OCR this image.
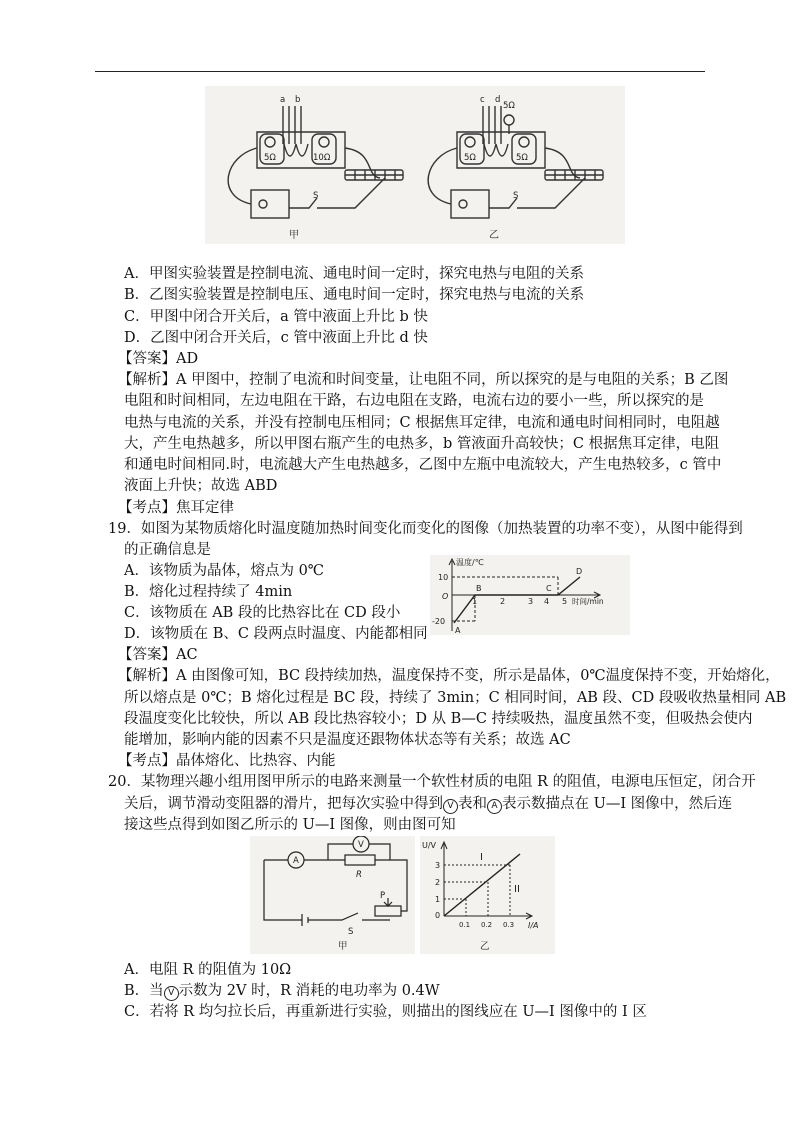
a b	c d
5Ω
5Ω	10Ω	5Ω	5Ω
S	S
甲	乙
A．甲图实验装置是控制电流、通电时间一定时，探究电热与电阻的关系
B．乙图实验装置是控制电压、通电时间一定时，探究电热与电流的关系
C．甲图中闭合开关后，a 管中液面上升比 b 快
D．乙图中闭合开关后，c 管中液面上升比 d 快
【答案】AD
【解析】A 甲图中，控制了电流和时间变量，让电阻不同，所以探究的是与电阻的关系；B 乙图
电阻和时间相同，左边电阻在干路，右边电阻在支路，电流右边的要小一些，所以探究的是
电热与电流的关系，并没有控制电压相同；C 根据焦耳定律，电流和通电时间相同时，电阻越
大，产生电热越多，所以甲图右瓶产生的电热多，b 管液面升高较快；C 根据焦耳定律，电阻
和通电时间相同.时，电流越大产生电热越多，乙图中左瓶中电流较大，产生电热较多，c 管中
液面上升快；故选 ABD
【考点】焦耳定律
19．如图为某物质熔化时温度随加热时间变化而变化的图像（加热装置的功率不变），从图中能得到
的正确信息是
A．该物质为晶体，熔点为 0℃
B．熔化过程持续了 4min
C．该物质在 AB 段的比热容比在 CD 段小
D．该物质在 B、C 段两点时温度、内能都相同
温度/℃
时间/min
O
10
-20
1	2	3 4 5
A
B	C
D
【答案】AC
【解析】A 由图像可知，BC 段持续加热，温度保持不变，所示是晶体，0℃温度保持不变，开始熔化，
所以熔点是 0℃；B 熔化过程是 BC 段，持续了 3min；C 相同时间，AB 段、CD 段吸收热量相同 AB
段温度变化比较快，所以 AB 段比热容较小；D 从 B—C 持续吸热，温度虽然不变，但吸热会使内
能增加，影响内能的因素不只是温度还跟物体状态等有关系；故选 AC
【考点】晶体熔化、比热容、内能
20．某物理兴趣小组用图甲所示的电路来测量一个软性材质的电阻 R 的阻值，电源电压恒定，闭合开
关后，调节滑动变阻器的滑片，把每次实验中得到 V 表和 A 表示数描点在 U—I 图像中，然后连
接这些点得到如图乙所示的 U—I 图像，则由图可知
A
V
R
S
P
甲
U/V
I/A
0
3
2
1
0.1 0.2 0.3
I
II
乙
A．电阻 R 的阻值为 10Ω
B．当 V 示数为 2V 时，R 消耗的电功率为 0.4W
C．若将 R 均匀拉长后，再重新进行实验，则描出的图线应在 U—I 图像中的 I 区
